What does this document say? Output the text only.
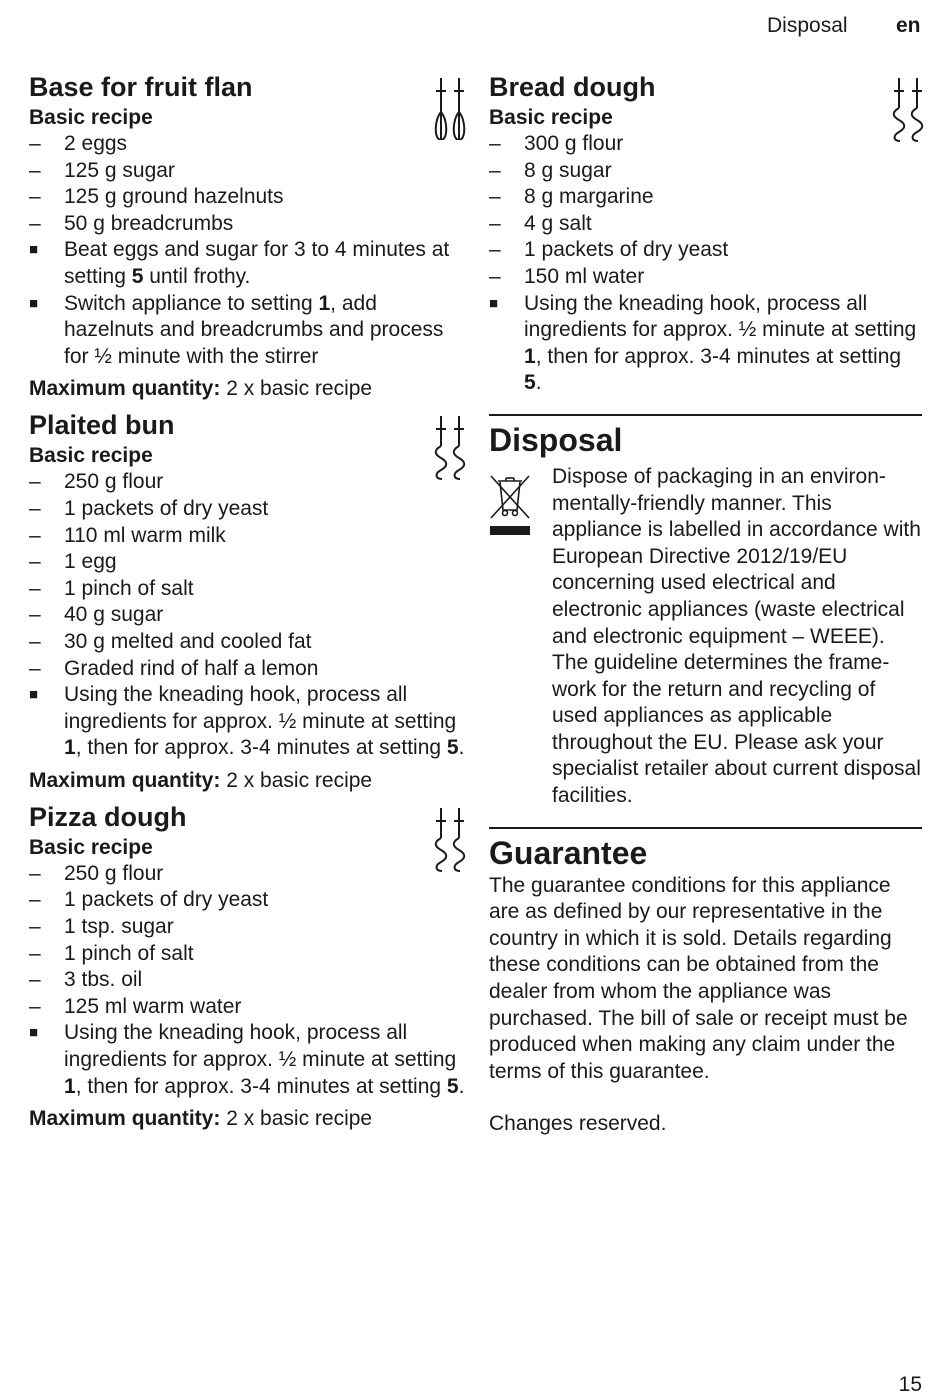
Disposal en
Base for fruit flan
Basic recipe
–	2 eggs
–	125 g sugar
–	125 g ground hazelnuts
–	50 g breadcrumbs
■	Beat eggs and sugar for 3 to 4 minutes at setting 5 until frothy.
■	Switch appliance to setting 1, add hazelnuts and breadcrumbs and process for ½ minute with the stirrer
Maximum quantity: 2 x basic recipe
Plaited bun
Basic recipe
–	250 g flour
–	1 packets of dry yeast
–	110 ml warm milk
–	1 egg
–	1 pinch of salt
–	40 g sugar
–	30 g melted and cooled fat
–	Graded rind of half a lemon
■	Using the kneading hook, process all ingredients for approx. ½ minute at setting 1, then for approx. 3-4 minutes at setting 5.
Maximum quantity: 2 x basic recipe
Pizza dough
Basic recipe
–	250 g flour
–	1 packets of dry yeast
–	1 tsp. sugar
–	1 pinch of salt
–	3 tbs. oil
–	125 ml warm water
■	Using the kneading hook, process all ingredients for approx. ½ minute at setting 1, then for approx. 3-4 minutes at setting 5.
Maximum quantity: 2 x basic recipe
Bread dough
Basic recipe
–	300 g flour
–	8 g sugar
–	8 g margarine
–	4 g salt
–	1 packets of dry yeast
–	150 ml water
■	Using the kneading hook, process all ingredients for approx. ½ minute at setting 1, then for approx. 3-4 minutes at setting 5.
Disposal
Dispose of packaging in an environmentally-friendly manner. This appliance is labelled in accordance with European Directive 2012/19/EU concerning used electrical and electronic appliances (waste electrical and electronic equipment – WEEE). The guideline determines the framework for the return and recycling of used appliances as applicable throughout the EU. Please ask your specialist retailer about current disposal facilities.
Guarantee
The guarantee conditions for this appliance are as defined by our representative in the country in which it is sold. Details regarding these conditions can be obtained from the dealer from whom the appliance was purchased. The bill of sale or receipt must be produced when making any claim under the terms of this guarantee.
Changes reserved.
15
